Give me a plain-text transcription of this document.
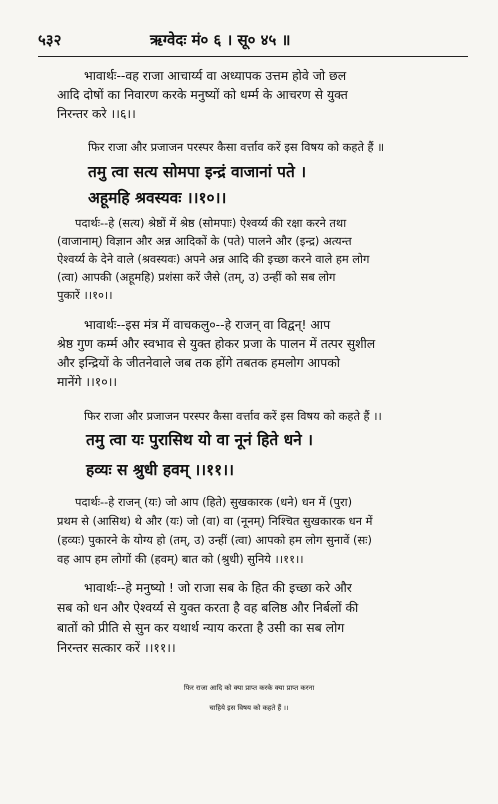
५३२	ऋग्वेदः मं० ६ । सू० ४५ ॥
भावार्थः--वह राजा आचार्य्य वा अध्यापक उत्तम होवे जो छल
आदि दोषों का निवारण करके मनुष्यों को धर्म्म के आचरण से युक्त
निरन्तर करे ।।६।।
फिर राजा और प्रजाजन परस्पर कैसा वर्त्ताव करें इस विषय को कहते हैं ॥
तमु त्वा सत्य सोमपा इन्द्रं वाजानां पते ।
अहूमहि श्रवस्यवः ।।१०।।
पदार्थः--हे (सत्य) श्रेष्ठों में श्रेष्ठ (सोमपाः) ऐश्वर्य्य की रक्षा करने तथा
(वाजानाम्) विज्ञान और अन्न आदिकों के (पते) पालने और (इन्द्र) अत्यन्त
ऐश्वर्य्य के देने वाले (श्रवस्यवः) अपने अन्न आदि की इच्छा करने वाले हम लोग
(त्वा) आपकी (अहूमहि) प्रशंसा करें जैसे (तम्, उ) उन्हीं को सब लोग
पुकारें ।।१०।।
भावार्थः--इस मंत्र में वाचकलु०--हे राजन् वा विद्वन्! आप
श्रेष्ठ गुण कर्म्म और स्वभाव से युक्त होकर प्रजा के पालन में तत्पर सुशील
और इन्द्रियों के जीतनेवाले जब तक होंगे तबतक हमलोग आपको
मानेंगे ।।१०।।
फिर राजा और प्रजाजन परस्पर कैसा वर्त्ताव करें इस विषय को कहते हैं ।।
तमु त्वा यः पुरासिथ यो वा नूनं हिते धने ।
हव्यः स श्रुधी हवम् ।।११।।
पदार्थः--हे राजन् (यः) जो आप (हिते) सुखकारक (धने) धन में (पुरा)
प्रथम से (आसिथ) थे और (यः) जो (वा) वा (नूनम्) निश्चित सुखकारक धन में
(हव्यः) पुकारने के योग्य हो (तम्, उ) उन्हीं (त्वा) आपको हम लोग सुनावें (सः)
वह आप हम लोगों की (हवम्) बात को (श्रुधी) सुनिये ।।११।।
भावार्थः--हे मनुष्यो ! जो राजा सब के हित की इच्छा करे और
सब को धन और ऐश्वर्य्य से युक्त करता है वह बलिष्ठ और निर्बलों की
बातों को प्रीति से सुन कर यथार्थ न्याय करता है उसी का सब लोग
निरन्तर सत्कार करें ।।११।।
फिर राजा आदि को क्या प्राप्त करके क्या प्राप्त करना
चाहिये इस विषय को कहते हैं ।।
